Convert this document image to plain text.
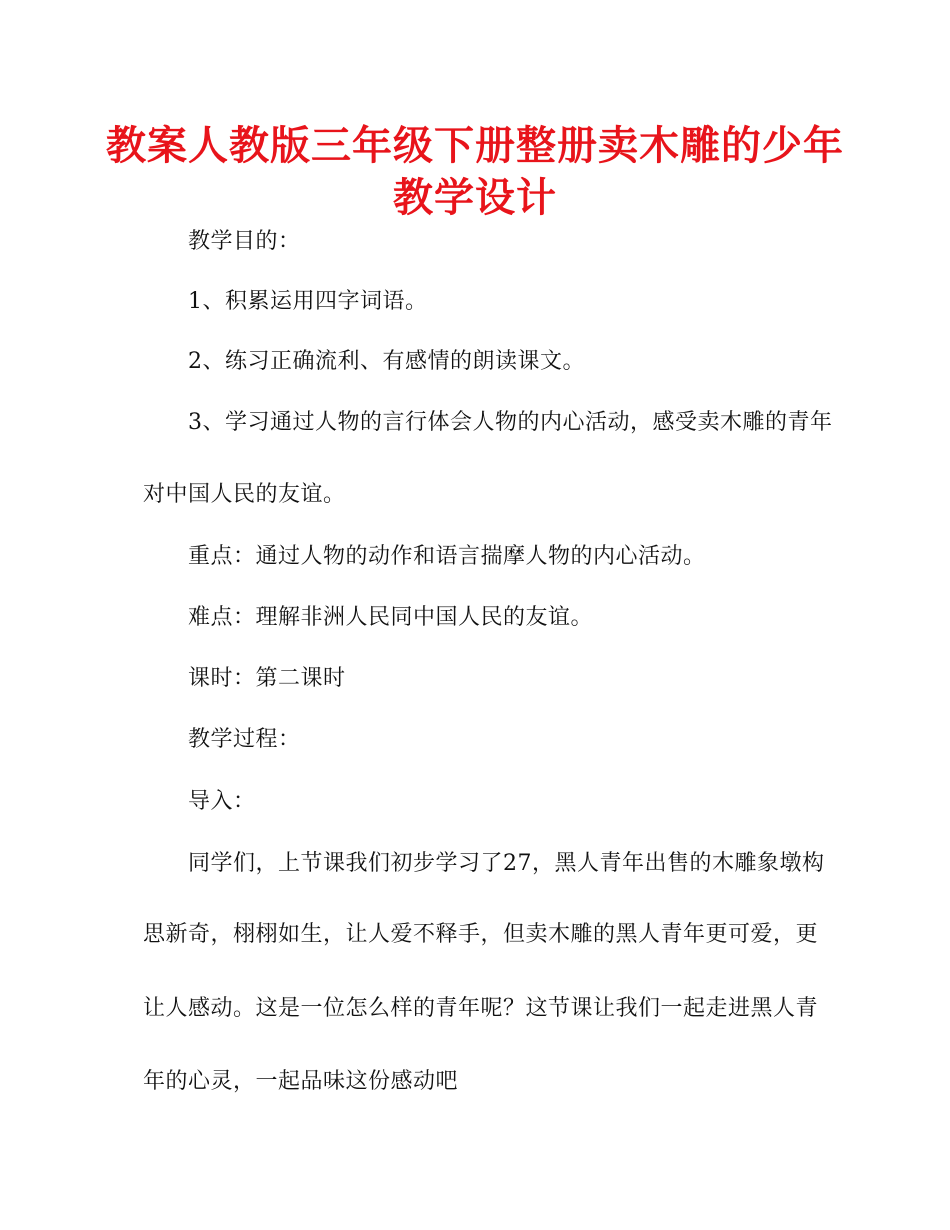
教案人教版三年级下册整册卖木雕的少年
教学设计
教学目的：
1、积累运用四字词语。
2、练习正确流利、有感情的朗读课文。
3、学习通过人物的言行体会人物的内心活动，感受卖木雕的青年
对中国人民的友谊。
重点：通过人物的动作和语言揣摩人物的内心活动。
难点：理解非洲人民同中国人民的友谊。
课时：第二课时
教学过程：
导入：
同学们，上节课我们初步学习了27，黑人青年出售的木雕象墩构
思新奇，栩栩如生，让人爱不释手，但卖木雕的黑人青年更可爱，更
让人感动。这是一位怎么样的青年呢？这节课让我们一起走进黑人青
年的心灵，一起品味这份感动吧
